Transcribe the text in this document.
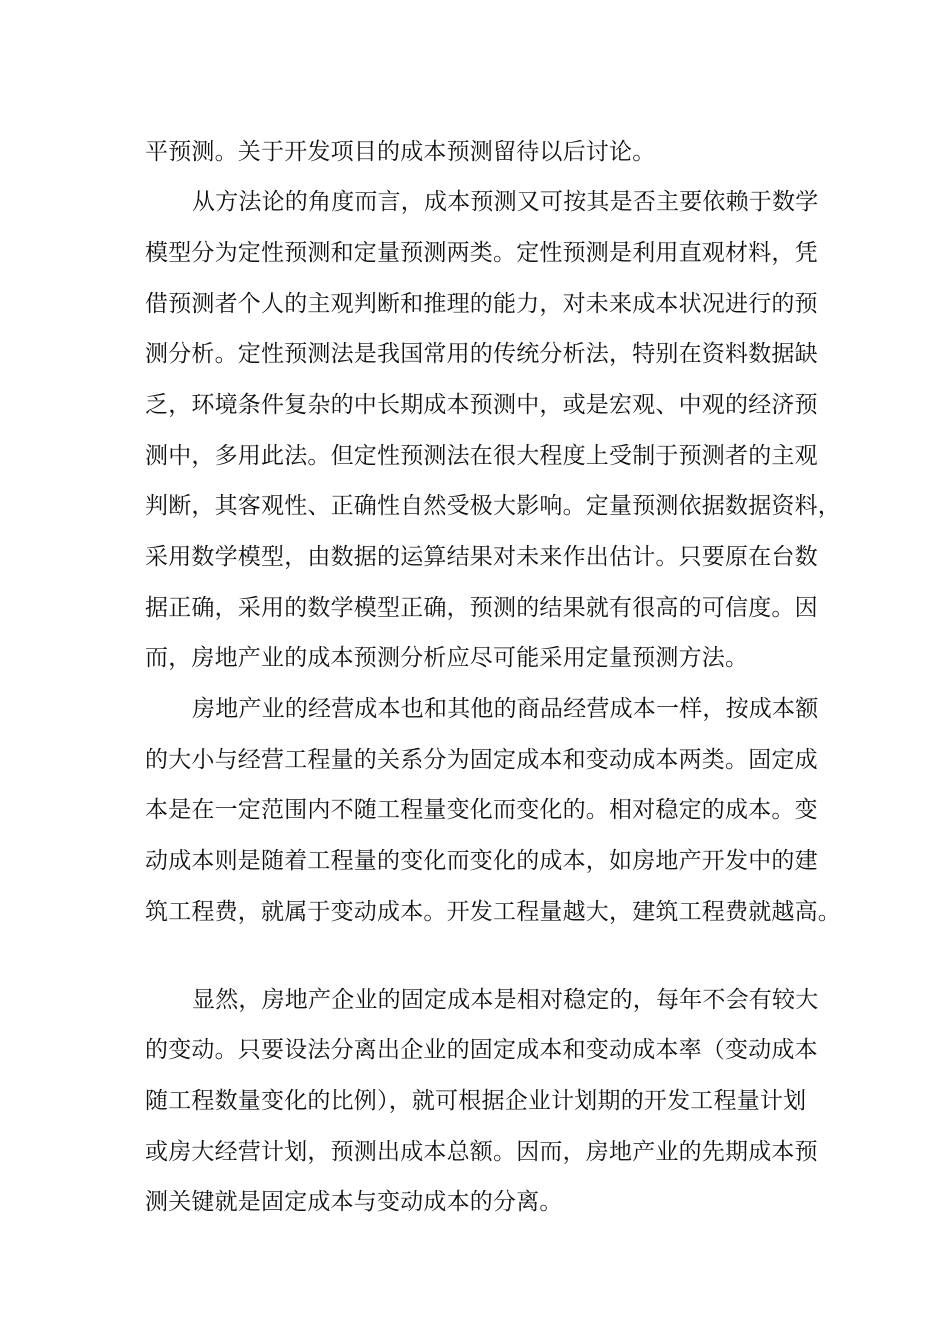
平预测。关于开发项目的成本预测留待以后讨论。
从方法论的角度而言，成本预测又可按其是否主要依赖于数学
模型分为定性预测和定量预测两类。定性预测是利用直观材料，凭
借预测者个人的主观判断和推理的能力，对未来成本状况进行的预
测分析。定性预测法是我国常用的传统分析法，特别在资料数据缺
乏，环境条件复杂的中长期成本预测中，或是宏观、中观的经济预
测中，多用此法。但定性预测法在很大程度上受制于预测者的主观
判断，其客观性、正确性自然受极大影响。定量预测依据数据资料，
采用数学模型，由数据的运算结果对未来作出估计。只要原在台数
据正确，采用的数学模型正确，预测的结果就有很高的可信度。因
而，房地产业的成本预测分析应尽可能采用定量预测方法。
房地产业的经营成本也和其他的商品经营成本一样，按成本额
的大小与经营工程量的关系分为固定成本和变动成本两类。固定成
本是在一定范围内不随工程量变化而变化的。相对稳定的成本。变
动成本则是随着工程量的变化而变化的成本，如房地产开发中的建
筑工程费，就属于变动成本。开发工程量越大，建筑工程费就越高。
显然，房地产企业的固定成本是相对稳定的，每年不会有较大
的变动。只要设法分离出企业的固定成本和变动成本率（变动成本
随工程数量变化的比例），就可根据企业计划期的开发工程量计划
或房大经营计划，预测出成本总额。因而，房地产业的先期成本预
测关键就是固定成本与变动成本的分离。
